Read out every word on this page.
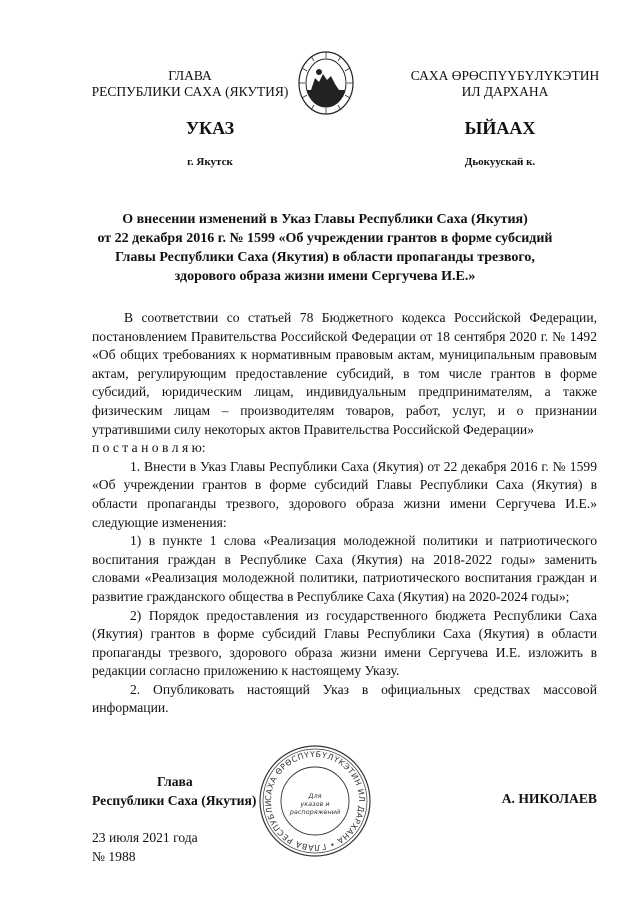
ГЛАВА
РЕСПУБЛИКИ САХА (ЯКУТИЯ)
САХА ӨРӨСПҮҮБҮЛҮКЭТИН
ИЛ ДАРХАНА
УКАЗ	ЫЙААХ
г. Якутск	Дьокуускай к.
О внесении изменений в Указ Главы Республики Саха (Якутия)
от 22 декабря 2016 г. № 1599 «Об учреждении грантов в форме субсидий
Главы Республики Саха (Якутия) в области пропаганды трезвого,
здорового образа жизни имени Сергучева И.Е.»

В соответствии со статьей 78 Бюджетного кодекса Российской Федерации, постановлением Правительства Российской Федерации от 18 сентября 2020 г. № 1492 «Об общих требованиях к нормативным правовым актам, муниципальным правовым актам, регулирующим предоставление субсидий, в том числе грантов в форме субсидий, юридическим лицам, индивидуальным предпринимателям, а также физическим лицам – производителям товаров, работ, услуг, и о признании утратившими силу некоторых актов Правительства Российской Федерации»

п о с т а н о в л я ю:

1. Внести в Указ Главы Республики Саха (Якутия) от 22 декабря 2016 г. № 1599 «Об учреждении грантов в форме субсидий Главы Республики Саха (Якутия) в области пропаганды трезвого, здорового образа жизни имени Сергучева И.Е.» следующие изменения:

1) в пункте 1 слова «Реализация молодежной политики и патриотического воспитания граждан в Республике Саха (Якутия) на 2018-2022 годы» заменить словами «Реализация молодежной политики, патриотического воспитания граждан и развитие гражданского общества в Республике Саха (Якутия) на 2020-2024 годы»;

2) Порядок предоставления из государственного бюджета Республики Саха (Якутия) грантов в форме субсидий Главы Республики Саха (Якутия) в области пропаганды трезвого, здорового образа жизни имени Сергучева И.Е. изложить в редакции согласно приложению к настоящему Указу.

2. Опубликовать настоящий Указ в официальных средствах массовой информации.

Глава
Республики Саха (Якутия) САХА ӨРӨСПҮҮБҮЛҮКЭТИН ИЛ ДАРХАНА • ГЛАВА РЕСПУБЛИ
Для
указов и
распоряжений
А. НИКОЛАЕВ
23 июля 2021 года
№ 1988
